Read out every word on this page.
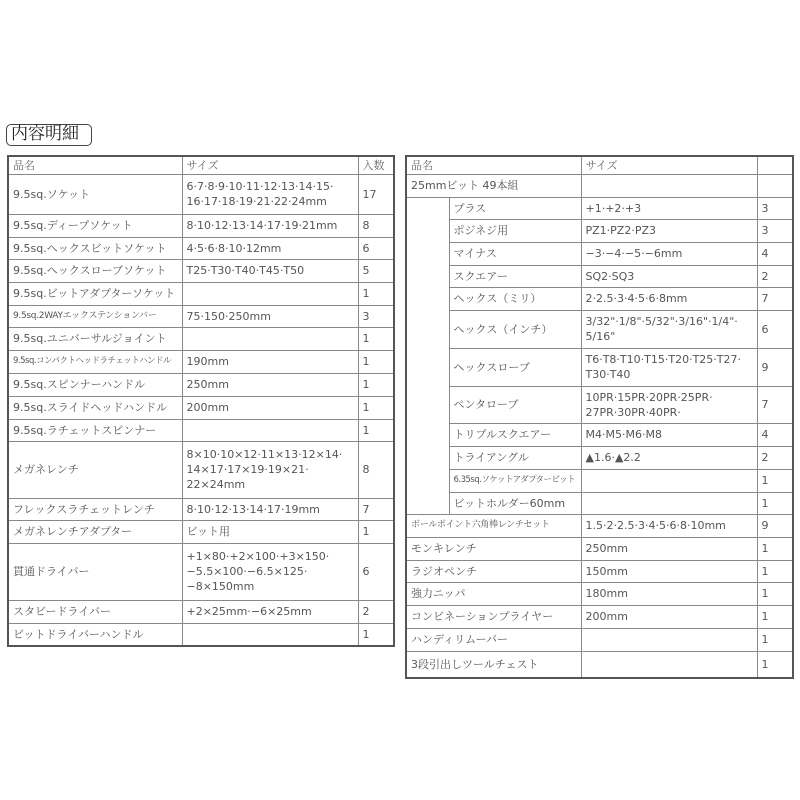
内容明細
品名	サイズ	入数
9.5sq.ソケット	6·7·8·9·10·11·12·13·14·15· 16·17·18·19·21·22·24mm	17
9.5sq.ディープソケット	8·10·12·13·14·17·19·21mm	8
9.5sq.ヘックスビットソケット	4·5·6·8·10·12mm	6
9.5sq.ヘックスローブソケット	T25·T30·T40·T45·T50	5
9.5sq.ビットアダプターソケット		1
9.5sq.2WAYエックステンションバー	75·150·250mm	3
9.5sq.ユニバーサルジョイント		1
9.5sq.コンパクトヘッドラチェットハンドル	190mm	1
9.5sq.スピンナーハンドル	250mm	1
9.5sq.スライドヘッドハンドル	200mm	1
9.5sq.ラチェットスピンナー		1
メガネレンチ	8×10·10×12·11×13·12×14· 14×17·17×19·19×21· 22×24mm	8
フレックスラチェットレンチ	8·10·12·13·14·17·19mm	7
メガネレンチアダプター	ビット用	1
貫通ドライバー	+1×80·+2×100·+3×150· −5.5×100·−6.5×125· −8×150mm	6
スタビードライバー	+2×25mm·−6×25mm	2
ビットドライバーハンドル		1
品名		サイズ	
25mmビット 49本組			
	プラス	+1·+2·+3	3
	ポジネジ用	PZ1·PZ2·PZ3	3
	マイナス	−3·−4·−5·−6mm	4
	スクエアー	SQ2·SQ3	2
	ヘックス（ミリ）	2·2.5·3·4·5·6·8mm	7
	ヘックス（インチ）	3/32"·1/8"·5/32"·3/16"·1/4"· 5/16"	6
	ヘックスローブ	T6·T8·T10·T15·T20·T25·T27· T30·T40	9
	ペンタローブ	10PR·15PR·20PR·25PR· 27PR·30PR·40PR·	7
	トリプルスクエアー	M4·M5·M6·M8	4
	トライアングル	▲1.6·▲2.2	2
	6.35sq.ソケットアダプタービット		1
	ビットホルダー60mm		1
ボールポイント六角棒レンチセット		1.5·2·2.5·3·4·5·6·8·10mm	9
モンキレンチ		250mm	1
ラジオペンチ		150mm	1
強力ニッパ		180mm	1
コンビネーションプライヤー		200mm	1
ハンディリムーバー			1
3段引出しツールチェスト			1
